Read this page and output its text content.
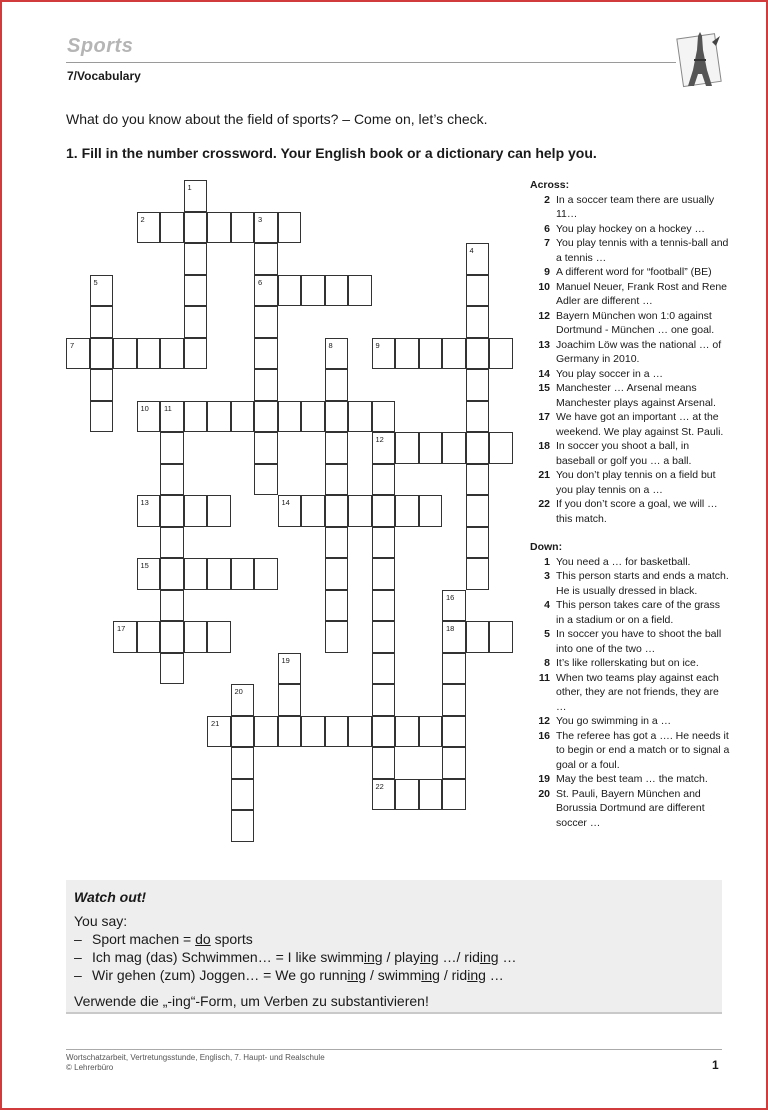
Sports
7/Vocabulary
What do you know about the field of sports? – Come on, let’s check.
1. Fill in the number crossword. Your English book or a dictionary can help you.
2	3
6
7	9
10 11
12
13	14
15
17	18
21
22
1
4
5
8
16
19
20
Across:
2 In a soccer team there are usually 11…
6 You play hockey on a hockey …
7 You play tennis with a tennis-ball and a tennis …
9 A different word for “football” (BE)
10 Manuel Neuer, Frank Rost and Rene Adler are different …
12 Bayern München won 1:0 against Dortmund - München … one goal.
13 Joachim Löw was the national … of Germany in 2010.
14 You play soccer in a …
15 Manchester … Arsenal means Manchester plays against Arsenal.
17 We have got an important … at the weekend. We play against St. Pauli.
18 In soccer you shoot a ball, in baseball or golf you … a ball.
21 You don’t play tennis on a field but you play tennis on a …
22 If you don’t score a goal, we will … this match.
Down:
1 You need a … for basketball.
3 This person starts and ends a match. He is usually dressed in black.
4 This person takes care of the grass in a stadium or on a field.
5 In soccer you have to shoot the ball into one of the two …
8 It’s like rollerskating but on ice.
11 When two teams play against each other, they are not friends, they are …
12 You go swimming in a …
16 The referee has got a …. He needs it to begin or end a match or to signal a goal or a foul.
19 May the best team … the match.
20 St. Pauli, Bayern München and Borussia Dortmund are different soccer …
Watch out!
You say:
– Sport machen = do sports
– Ich mag (das) Schwimmen… = I like swimming / playing …/ riding …
– Wir gehen (zum) Joggen… = We go running / swimming / riding …
Verwende die „-ing“-Form, um Verben zu substantivieren!
Wortschatzarbeit, Vertretungsstunde, Englisch, 7. Haupt- und Realschule
© Lehrerbüro	1
